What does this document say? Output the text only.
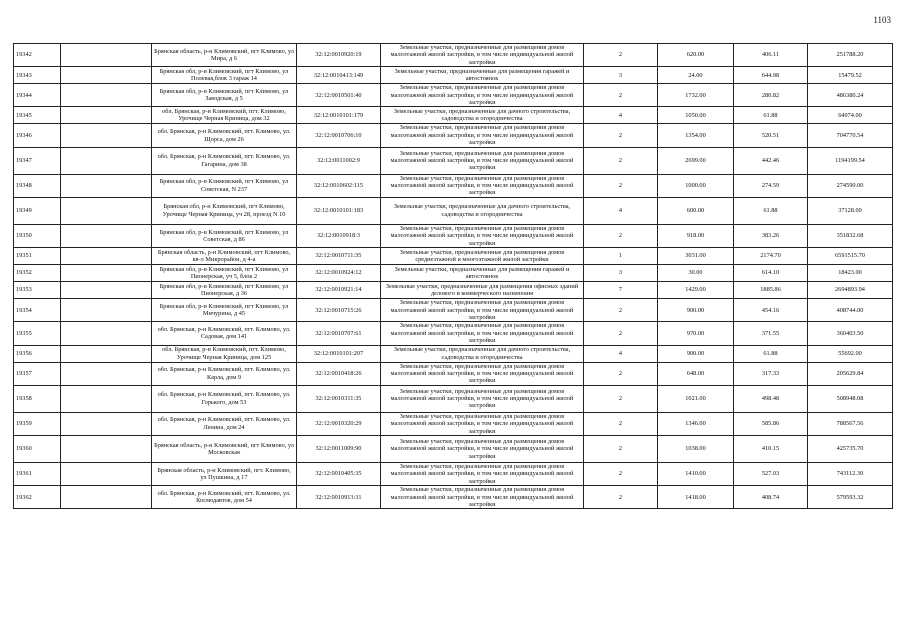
1103
19342		Брянская область, р-н Климовский, пгт Климово, ул Мира, д 6	32:12:0010920:19	Земельные участки, предназначенные для размещения домов малоэтажной жилой застройки, в том числе индивидуальной жилой застройки	2	620.00	406.11	251788.20
19343		Брянская обл, р-н Климовский, пгт Климово, ул Полевая,блок 3 гараж 14	32:12:0010413:149	Земельные участки, предназначенные для размещения гаражей и автостоянок	3	24.00	644.98	15479.52
19344		Брянская обл, р-н Климовский, пгт Климово, ул Заводская, д 5	32:12:0010501:40	Земельные участки, предназначенные для размещения домов малоэтажной жилой застройки, в том числе индивидуальной жилой застройки	2	1732.00	280.82	486380.24
19345		обл. Брянская, р-н Климовский, пгт. Климово, Урочище Черная Криница, дом 32	32:12:0010101:179	Земельные участки, предназначенные для дачного строительства, садоводства и огородничества	4	1050.00	61.88	64974.00
19346		обл. Брянская, р-н Климовский, пгт. Климово, ул. Щорса, дом 26	32:12:0010706:10	Земельные участки, предназначенные для размещения домов малоэтажной жилой застройки, в том числе индивидуальной жилой застройки	2	1354.00	520.51	704770.54
19347		обл. Брянская, р-н Климовский, пгт. Климово, ул. Гагарина, дом 38	32:12:0011002:9	Земельные участки, предназначенные для размещения домов малоэтажной жилой застройки, в том числе индивидуальной жилой застройки	2	2699.00	442.46	1194199.54
19348		Брянская обл, р-н Климовский, пгт Климово, ул Советская, N 237	32:12:0010602:115	Земельные участки, предназначенные для размещения домов малоэтажной жилой застройки, в том числе индивидуальной жилой застройки	2	1000.00	274.59	274590.00
19349		Брянская обл, р-н Климовский, пгт Климово, Урочище Черная Криница, уч 28, проезд N 10	32:12:0010101:183	Земельные участки, предназначенные для дачного строительства, садоводства и огородничества	4	600.00	61.88	37128.00
19350		Брянская обл, р-н Климовский, пгт Климово, ул Советская, д 86	32:12:0010918:3	Земельные участки, предназначенные для размещения домов малоэтажной жилой застройки, в том числе индивидуальной жилой застройки	2	918.00	383.26	351832.68
19351		Брянская область, р-н Климовский, пгт Климово, кв-л Микрорайон, д 4-а	32:12:0010711:35	Земельные участки, предназначенные для размещения домов среднеэтажной и многоэтажной жилой застройки	1	3031.00	2174.70	6591515.70
19352		Брянская обл, р-н Климовский, пгт Климово, ул Пионерская, уч 5, блок 2	32:12:0010924:12	Земельные участки, предназначенные для размещения гаражей и автостоянок	3	30.00	614.10	18423.00
19353		Брянская обл, р-н Климовский, пгт Климово, ул Пионерская, д 36	32:12:0010921:14	Земельные участки, предназначенные для размещения офисных зданий делового и коммерческого назначения	7	1429.00	1885.86	2694893.94
19354		Брянская обл, р-н Климовский, пгт Климово, ул Мичурина, д 45	32:12:0010715:26	Земельные участки, предназначенные для размещения домов малоэтажной жилой застройки, в том числе индивидуальной жилой застройки	2	900.00	454.16	408744.00
19355		обл. Брянская, р-н Климовский, пгт. Климово, ул. Садовая, дом 141	32:12:0010707:61	Земельные участки, предназначенные для размещения домов малоэтажной жилой застройки, в том числе индивидуальной жилой застройки	2	970.00	371.55	360403.50
19356		обл. Брянская, р-н Климовский, пгт. Климово, Урочище Черная Криница, дом 125	32:12:0010101:207	Земельные участки, предназначенные для дачного строительства, садоводства и огородничества	4	900.00	61.88	55692.00
19357		обл. Брянская, р-н Климовский, пгт. Климово, ул. Карла, дом 9	32:12:0010418:26	Земельные участки, предназначенные для размещения домов малоэтажной жилой застройки, в том числе индивидуальной жилой застройки	2	648.00	317.33	205629.84
19358		обл. Брянская, р-н Климовский, пгт. Климово, ул. Горького, дом 53	32:12:0010311:35	Земельные участки, предназначенные для размещения домов малоэтажной жилой застройки, в том числе индивидуальной жилой застройки	2	1021.00	498.48	508948.08
19359		обл. Брянская, р-н Климовский, пгт. Климово, ул. Ленина, дом 24	32:12:0010320:29	Земельные участки, предназначенные для размещения домов малоэтажной жилой застройки, в том числе индивидуальной жилой застройки	2	1346.00	585.86	788567.56
19360		Брянская область, р-н Климовский, пгт Климово, ул Московская	32:12:0011009:90	Земельные участки, предназначенные для размещения домов малоэтажной жилой застройки, в том числе индивидуальной жилой застройки	2	1038.00	410.15	425735.70
19361		Брянская область, р-н Климовский, пгт. Климово, ул Пушкина, д 17	32:12:0010405:35	Земельные участки, предназначенные для размещения домов малоэтажной жилой застройки, в том числе индивидуальной жилой застройки	2	1410.00	527.03	743112.30
19362		обл. Брянская, р-н Климовский, пгт. Климово, ул. Космодавтов, дом 54	32:12:0010913:31	Земельные участки, предназначенные для размещения домов малоэтажной жилой застройки, в том числе индивидуальной жилой застройки	2	1418.00	408.74	579593.32
